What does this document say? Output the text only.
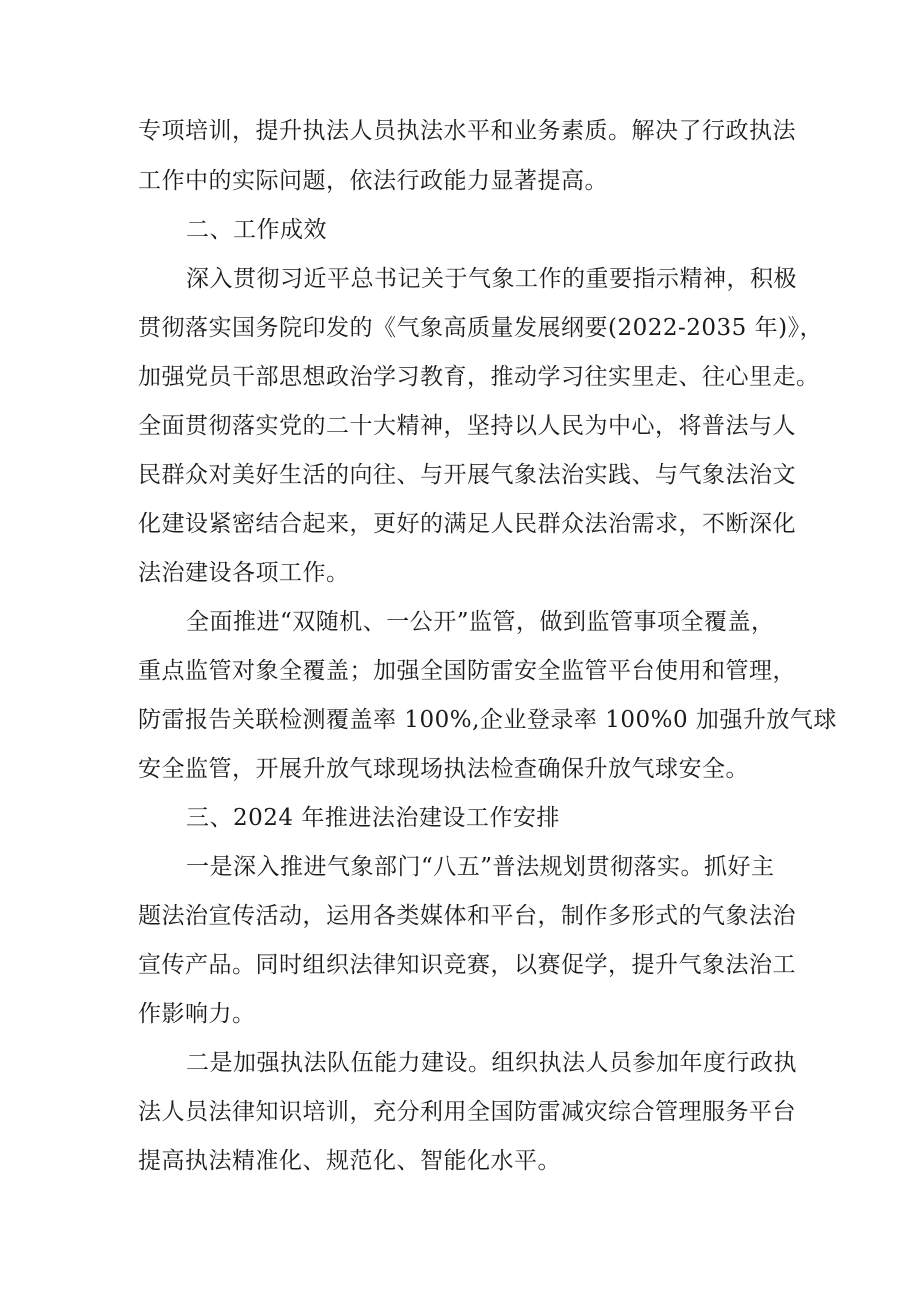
专项培训，提升执法人员执法水平和业务素质。解决了行政执法
工作中的实际问题，依法行政能力显著提高。
二、工作成效
深入贯彻习近平总书记关于气象工作的重要指示精神，积极
贯彻落实国务院印发的《气象高质量发展纲要(2022-2035 年)》，
加强党员干部思想政治学习教育，推动学习往实里走、往心里走。
全面贯彻落实党的二十大精神，坚持以人民为中心，将普法与人
民群众对美好生活的向往、与开展气象法治实践、与气象法治文
化建设紧密结合起来，更好的满足人民群众法治需求，不断深化
法治建设各项工作。
全面推进“双随机、一公开”监管，做到监管事项全覆盖，
重点监管对象全覆盖；加强全国防雷安全监管平台使用和管理，
防雷报告关联检测覆盖率 100%,企业登录率 100%0 加强升放气球
安全监管，开展升放气球现场执法检查确保升放气球安全。
三、2024 年推进法治建设工作安排
一是深入推进气象部门“八五”普法规划贯彻落实。抓好主
题法治宣传活动，运用各类媒体和平台，制作多形式的气象法治
宣传产品。同时组织法律知识竞赛，以赛促学，提升气象法治工
作影响力。
二是加强执法队伍能力建设。组织执法人员参加年度行政执
法人员法律知识培训，充分利用全国防雷减灾综合管理服务平台
提高执法精准化、规范化、智能化水平。
